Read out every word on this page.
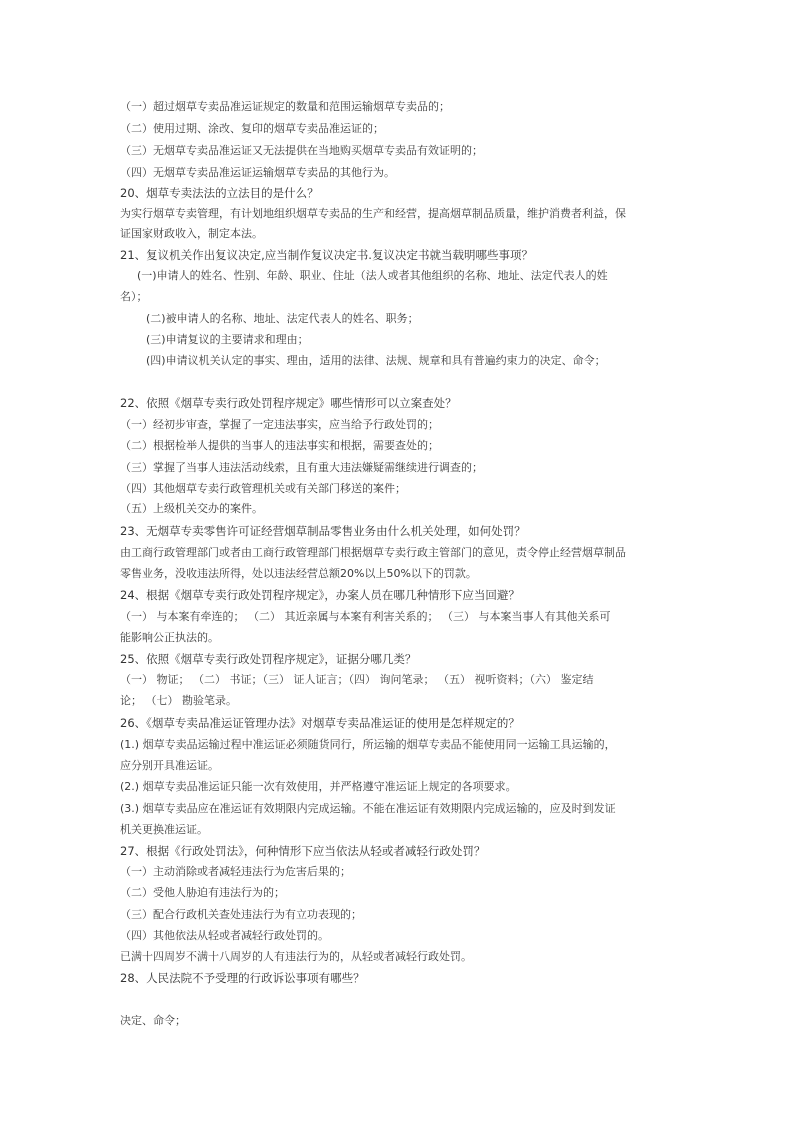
（一）超过烟草专卖品准运证规定的数量和范围运输烟草专卖品的；
（二）使用过期、涂改、复印的烟草专卖品准运证的；
（三）无烟草专卖品准运证又无法提供在当地购买烟草专卖品有效证明的；
（四）无烟草专卖品准运证运输烟草专卖品的其他行为。
20、烟草专卖法法的立法目的是什么？
为实行烟草专卖管理，有计划地组织烟草专卖品的生产和经营，提高烟草制品质量，维护消费者利益，保
证国家财政收入，制定本法。
21、复议机关作出复议决定,应当制作复议决定书.复议决定书就当载明哪些事项？
(一)申请人的姓名、性别、年龄、职业、住址（法人或者其他组织的名称、地址、法定代表人的姓
名）；
(二)被申请人的名称、地址、法定代表人的姓名、职务；
(三)申请复议的主要请求和理由；
(四)申请议机关认定的事实、理由，适用的法律、法规、规章和具有普遍约束力的决定、命令；
22、依照《烟草专卖行政处罚程序规定》哪些情形可以立案查处？
（一）经初步审查，掌握了一定违法事实，应当给予行政处罚的；
（二）根据检举人提供的当事人的违法事实和根据，需要查处的；
（三）掌握了当事人违法活动线索，且有重大违法嫌疑需继续进行调查的；
（四）其他烟草专卖行政管理机关或有关部门移送的案件；
（五）上级机关交办的案件。
23、无烟草专卖零售许可证经营烟草制品零售业务由什么机关处理，如何处罚？
由工商行政管理部门或者由工商行政管理部门根据烟草专卖行政主管部门的意见，责令停止经营烟草制品
零售业务，没收违法所得，处以违法经营总额20%以上50%以下的罚款。
24、根据《烟草专卖行政处罚程序规定》，办案人员在哪几种情形下应当回避？
（一） 与本案有牵连的； （二） 其近亲属与本案有利害关系的； （三） 与本案当事人有其他关系可
能影响公正执法的。
25、依照《烟草专卖行政处罚程序规定》，证据分哪几类？
（一） 物证； （二） 书证；（三） 证人证言；（四） 询问笔录； （五） 视听资料；（六） 鉴定结
论； （七） 勘验笔录。
26、《烟草专卖品准运证管理办法》对烟草专卖品准运证的使用是怎样规定的？
(1.) 烟草专卖品运输过程中准运证必须随货同行，所运输的烟草专卖品不能使用同一运输工具运输的，
应分别开具准运证。
(2.) 烟草专卖品准运证只能一次有效使用，并严格遵守准运证上规定的各项要求。
(3.) 烟草专卖品应在准运证有效期限内完成运输。不能在准运证有效期限内完成运输的，应及时到发证
机关更换准运证。
27、根据《行政处罚法》，何种情形下应当依法从轻或者减轻行政处罚？
（一）主动消除或者减轻违法行为危害后果的；
（二）受他人胁迫有违法行为的；
（三）配合行政机关查处违法行为有立功表现的；
（四）其他依法从轻或者减轻行政处罚的。
已满十四周岁不满十八周岁的人有违法行为的，从轻或者减轻行政处罚。
28、人民法院不予受理的行政诉讼事项有哪些？
决定、命令；
